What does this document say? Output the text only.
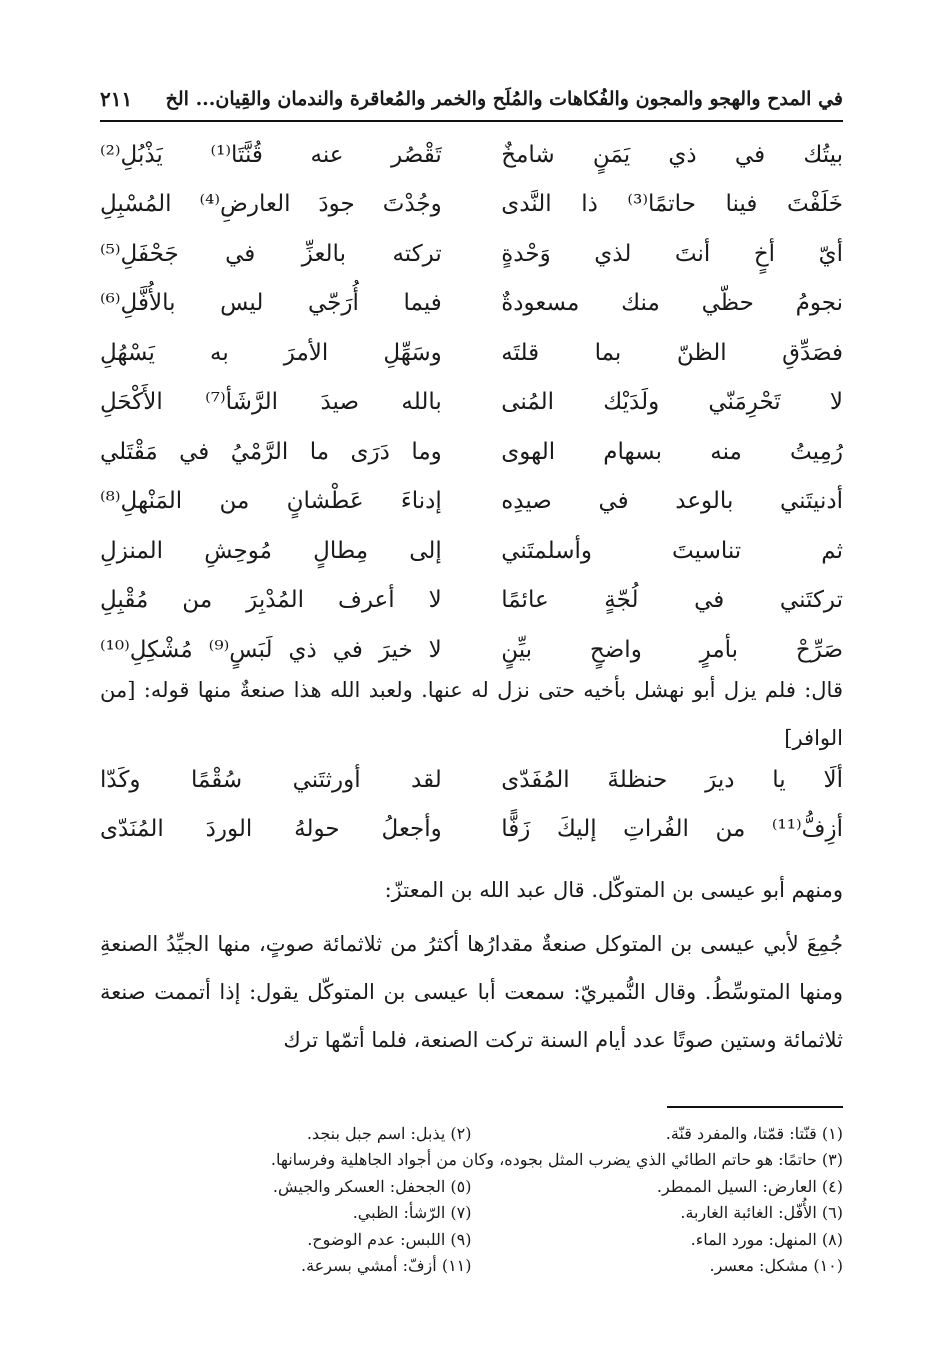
في المدح والهجو والمجون والفُكاهات والمُلَح والخمر والمُعاقرة والندمان والقِيان... الخ
٢١١
بيتُك في ذي يَمَنٍ شامخٌ
تَقْصُر عنه قُنَّتَا⁽¹⁾ يَذْبُلِ⁽²⁾
خَلَفْتَ فينا حاتمًا⁽³⁾ ذا النَّدى
وجُدْتَ جودَ العارضِ⁽⁴⁾ المُسْبِلِ
أيّ أخٍ أنتَ لذي وَحْدةٍ
تركته بالعزِّ في جَحْفَلِ⁽⁵⁾
نجومُ حظّي منك مسعودةٌ
فيما أُرَجّي ليس بالأُفَّلِ⁽⁶⁾
فصَدِّقِ الظنّ بما قلتَه
وسَهِّلِ الأمرَ به يَسْهُلِ
لا تَحْرِمَنّي ولَدَيْك المُنى
بالله صيدَ الرَّشَأ⁽⁷⁾ الأَكْحَلِ
رُمِيتُ منه بسهام الهوى
وما دَرَى ما الرَّمْيُ في مَقْتَلي
أدنيتَني بالوعد في صيدِه
إدناءَ عَطْشانٍ من المَنْهلِ⁽⁸⁾
ثم تناسيتَ وأسلمتَني
إلى مِطالٍ مُوحِشِ المنزلِ
تركتَني في لُجّةٍ عائمًا
لا أعرف المُدْبِرَ من مُقْبِلِ
صَرِّحْ بأمرٍ واضحٍ بيِّنٍ
لا خيرَ في ذي لَبَسٍ⁽⁹⁾ مُشْكِلِ⁽¹⁰⁾

قال: فلم يزل أبو نهشل بأخيه حتى نزل له عنها. ولعبد الله هذا صنعةٌ منها قوله: [من الوافر]

ألَا يا ديرَ حنظلةَ المُفَدّى
لقد أورثتَني سُقْمًا وكَدّا
أزِفُّ⁽¹¹⁾ من الفُراتِ إليكَ زَفًّا
وأجعلُ حولهُ الوردَ المُنَدّى

ومنهم أبو عيسى بن المتوكّل. قال عبد الله بن المعتزّ:

جُمِعَ لأبي عيسى بن المتوكل صنعةٌ مقدارُها أكثرُ من ثلاثمائة صوتٍ، منها الجيِّدُ الصنعةِ ومنها المتوسِّطُ. وقال النُّميريّ: سمعت أبا عيسى بن المتوكّل يقول: إذا أتممت صنعة ثلاثمائة وستين صوتًا عدد أيام السنة تركت الصنعة، فلما أتمّها ترك

(١) قنّتا: قمّتا، والمفرد قنّة.
(٢) يذبل: اسم جبل بنجد.
(٣) حاتمًا: هو حاتم الطائي الذي يضرب المثل بجوده، وكان من أجواد الجاهلية وفرسانها.
(٤) العارض: السيل الممطر.
(٥) الجحفل: العسكر والجيش.
(٦) الأُفّل: الغائبة الغاربة.
(٧) الرّشأ: الظبي.
(٨) المنهل: مورد الماء.
(٩) اللبس: عدم الوضوح.
(١٠) مشكل: معسر.
(١١) أزفّ: أمشي بسرعة.
